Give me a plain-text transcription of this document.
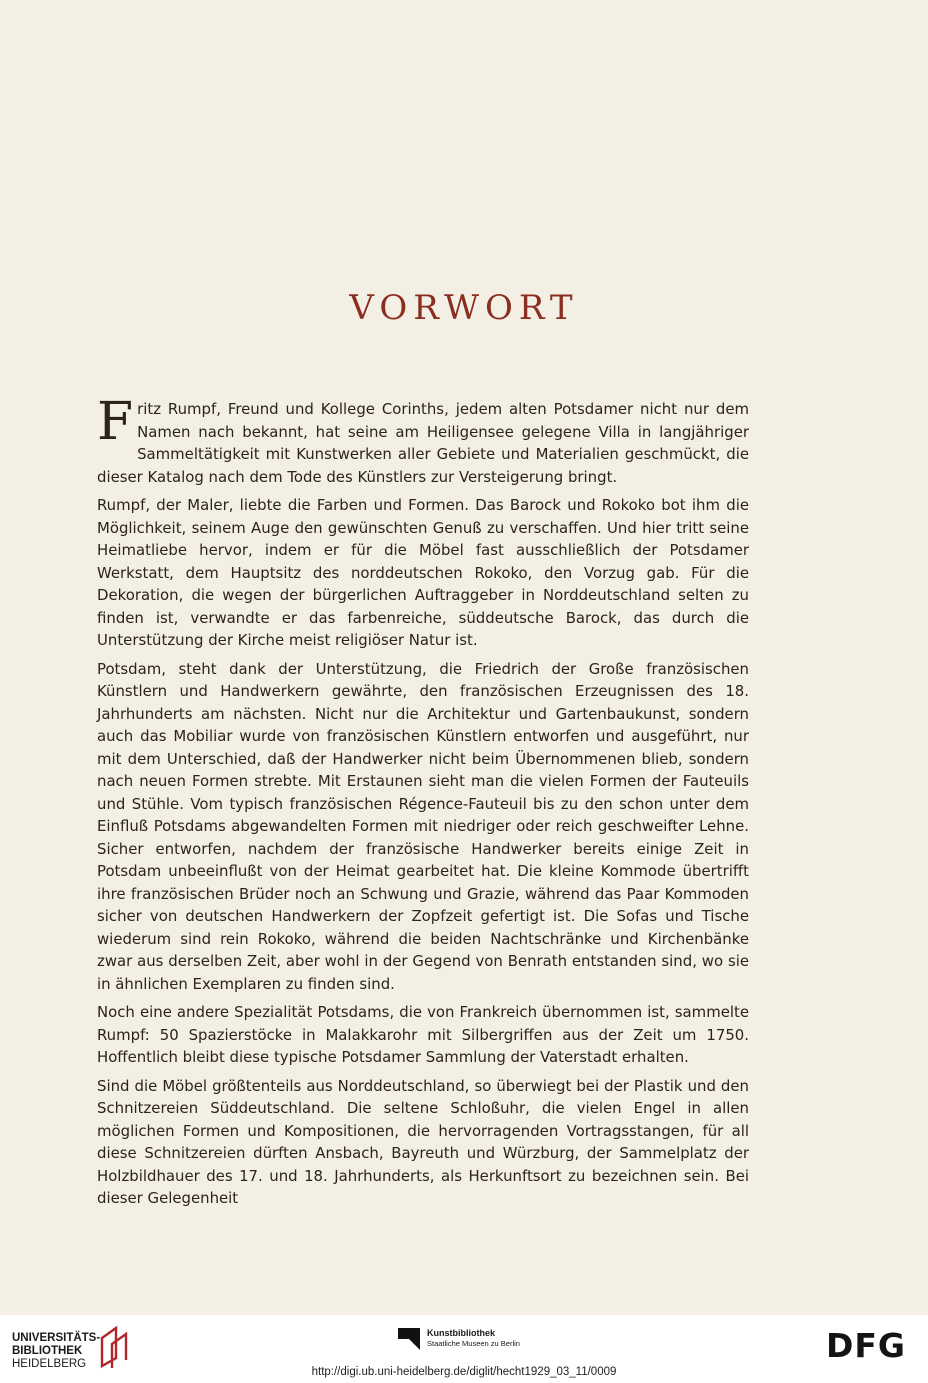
VORWORT

Fritz Rumpf, Freund und Kollege Corinths, jedem alten Potsdamer nicht nur dem Namen nach bekannt, hat seine am Heiligensee gelegene Villa in langjähriger Sammeltätigkeit mit Kunstwerken aller Gebiete und Materialien geschmückt, die dieser Katalog nach dem Tode des Künstlers zur Versteigerung bringt.

Rumpf, der Maler, liebte die Farben und Formen. Das Barock und Rokoko bot ihm die Möglichkeit, seinem Auge den gewünschten Genuß zu verschaffen. Und hier tritt seine Heimatliebe hervor, indem er für die Möbel fast ausschließlich der Potsdamer Werkstatt, dem Hauptsitz des norddeutschen Rokoko, den Vorzug gab. Für die Dekoration, die wegen der bürgerlichen Auftraggeber in Norddeutschland selten zu finden ist, verwandte er das farbenreiche, süddeutsche Barock, das durch die Unterstützung der Kirche meist religiöser Natur ist.

Potsdam, steht dank der Unterstützung, die Friedrich der Große französischen Künstlern und Handwerkern gewährte, den französischen Erzeugnissen des 18. Jahrhunderts am nächsten. Nicht nur die Architektur und Gartenbaukunst, sondern auch das Mobiliar wurde von französischen Künstlern entworfen und ausgeführt, nur mit dem Unterschied, daß der Handwerker nicht beim Übernommenen blieb, sondern nach neuen Formen strebte. Mit Erstaunen sieht man die vielen Formen der Fauteuils und Stühle. Vom typisch französischen Régence-Fauteuil bis zu den schon unter dem Einfluß Potsdams abgewandelten Formen mit niedriger oder reich geschweifter Lehne. Sicher entworfen, nachdem der französische Handwerker bereits einige Zeit in Potsdam unbeeinflußt von der Heimat gearbeitet hat. Die kleine Kommode übertrifft ihre französischen Brüder noch an Schwung und Grazie, während das Paar Kommoden sicher von deutschen Handwerkern der Zopfzeit gefertigt ist. Die Sofas und Tische wiederum sind rein Rokoko, während die beiden Nachtschränke und Kirchenbänke zwar aus derselben Zeit, aber wohl in der Gegend von Benrath entstanden sind, wo sie in ähnlichen Exemplaren zu finden sind.

Noch eine andere Spezialität Potsdams, die von Frankreich übernommen ist, sammelte Rumpf: 50 Spazierstöcke in Malakkarohr mit Silbergriffen aus der Zeit um 1750. Hoffentlich bleibt diese typische Potsdamer Sammlung der Vaterstadt erhalten.

Sind die Möbel größtenteils aus Norddeutschland, so überwiegt bei der Plastik und den Schnitzereien Süddeutschland. Die seltene Schloßuhr, die vielen Engel in allen möglichen Formen und Kompositionen, die hervorragenden Vortragsstangen, für all diese Schnitzereien dürften Ansbach, Bayreuth und Würzburg, der Sammelplatz der Holzbildhauer des 17. und 18. Jahrhunderts, als Herkunftsort zu bezeichnen sein. Bei dieser Gelegenheit

UNIVERSITÄTS-
BIBLIOTHEK
HEIDELBERG
Kunstbibliothek
Staatliche Museen zu Berlin	DFG
http://digi.ub.uni-heidelberg.de/diglit/hecht1929_03_11/0009
